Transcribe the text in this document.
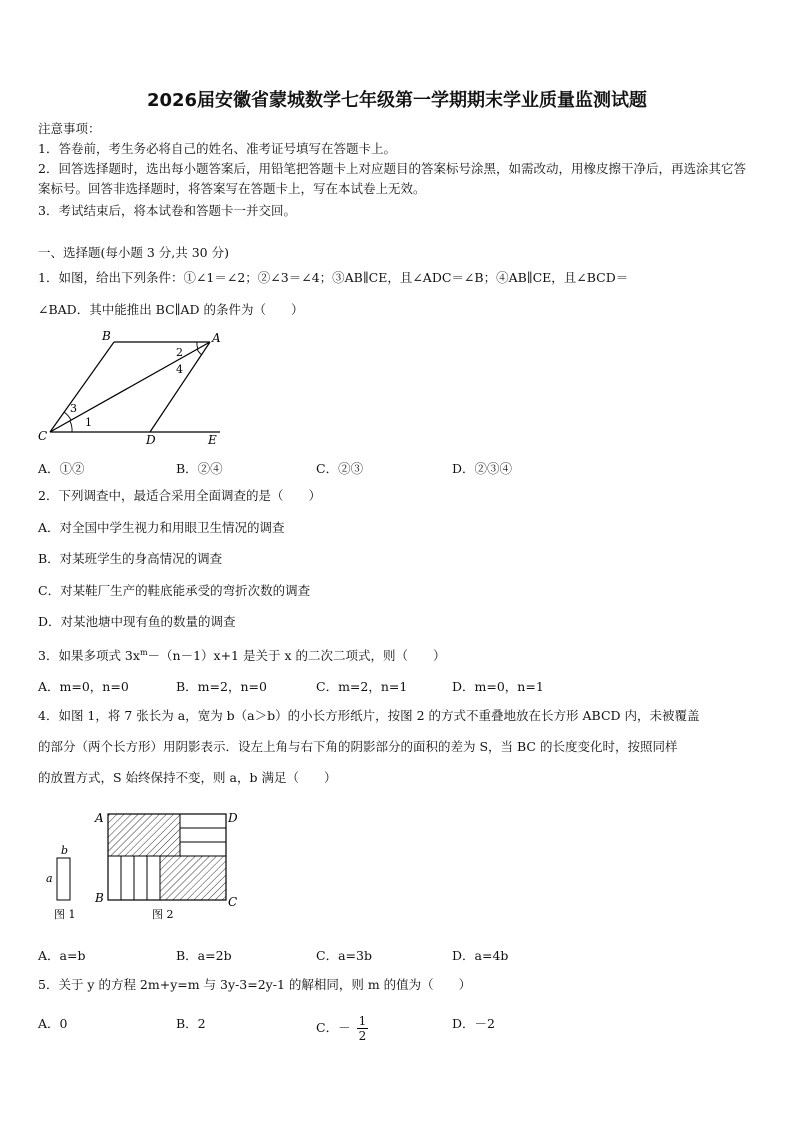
2026届安徽省蒙城数学七年级第一学期期末学业质量监测试题
注意事项：
1．答卷前，考生务必将自己的姓名、准考证号填写在答题卡上。
2．回答选择题时，选出每小题答案后，用铅笔把答题卡上对应题目的答案标号涂黑，如需改动，用橡皮擦干净后，再选涂其它答案标号。回答非选择题时，将答案写在答题卡上，写在本试卷上无效。
3．考试结束后，将本试卷和答题卡一并交回。
一、选择题(每小题 3 分,共 30 分)
1．如图，给出下列条件：①∠1＝∠2；②∠3＝∠4；③AB∥CE，且∠ADC＝∠B；④AB∥CE，且∠BCD＝
∠BAD．其中能推出 BC∥AD 的条件为（　　）
B	A
C	D	E
1
2
3
4
A．①②	B．②④	C．②③	D．②③④
2．下列调查中，最适合采用全面调查的是（　　）
A．对全国中学生视力和用眼卫生情况的调查
B．对某班学生的身高情况的调查
C．对某鞋厂生产的鞋底能承受的弯折次数的调查
D．对某池塘中现有鱼的数量的调查
3．如果多项式 $3x^m-(n-1)x+1$ 是关于 x 的二次二项式，则（　　）
A．m=0，n=0	B．m=2，n=0	C．m=2，n=1	D．m=0，n=1
4．如图 1，将 7 张长为 a，宽为 b（a＞b）的小长方形纸片，按图 2 的方式不重叠地放在长方形 ABCD 内，未被覆盖
的部分（两个长方形）用阴影表示．设左上角与右下角的阴影部分的面积的差为 S，当 BC 的长度变化时，按照同样
的放置方式，S 始终保持不变，则 a，b 满足（　　）
b
a
图 1
A	D
B	C
图 2
A．a=b	B．a=2b	C．a=3b	D．a=4b
5．关于 y 的方程 2m+y=m 与 3y-3=2y-1 的解相同，则 m 的值为（　　）
A．0	B．2	C．－ $\frac{1}{2}$	D．－2
